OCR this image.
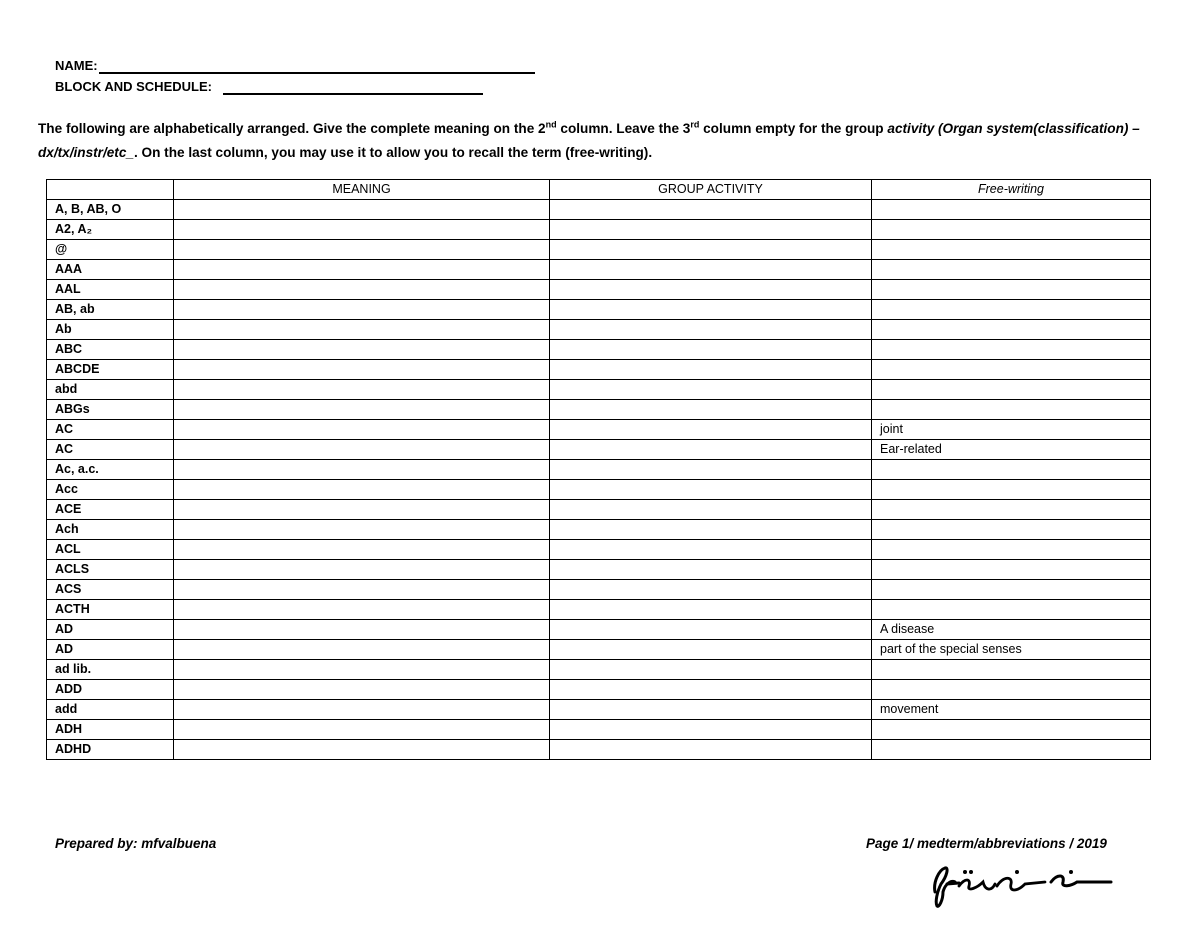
NAME:
BLOCK AND SCHEDULE:
The following are alphabetically arranged. Give the complete meaning on the 2nd column. Leave the 3rd column empty for the group activity (Organ system(classification) –dx/tx/instr/etc_. On the last column, you may use it to allow you to recall the term (free-writing).
	MEANING	GROUP ACTIVITY	Free-writing
A, B, AB, O			
A2, A₂			
@			
AAA			
AAL			
AB, ab			
Ab			
ABC			
ABCDE			
abd			
ABGs			
AC			joint
AC			Ear-related
Ac, a.c.			
Acc			
ACE			
Ach			
ACL			
ACLS			
ACS			
ACTH			
AD			A disease
AD			part of the special senses
ad lib.			
ADD			
add			movement
ADH			
ADHD			
Prepared by: mfvalbuena	Page 1/ medterm/abbreviations / 2019
